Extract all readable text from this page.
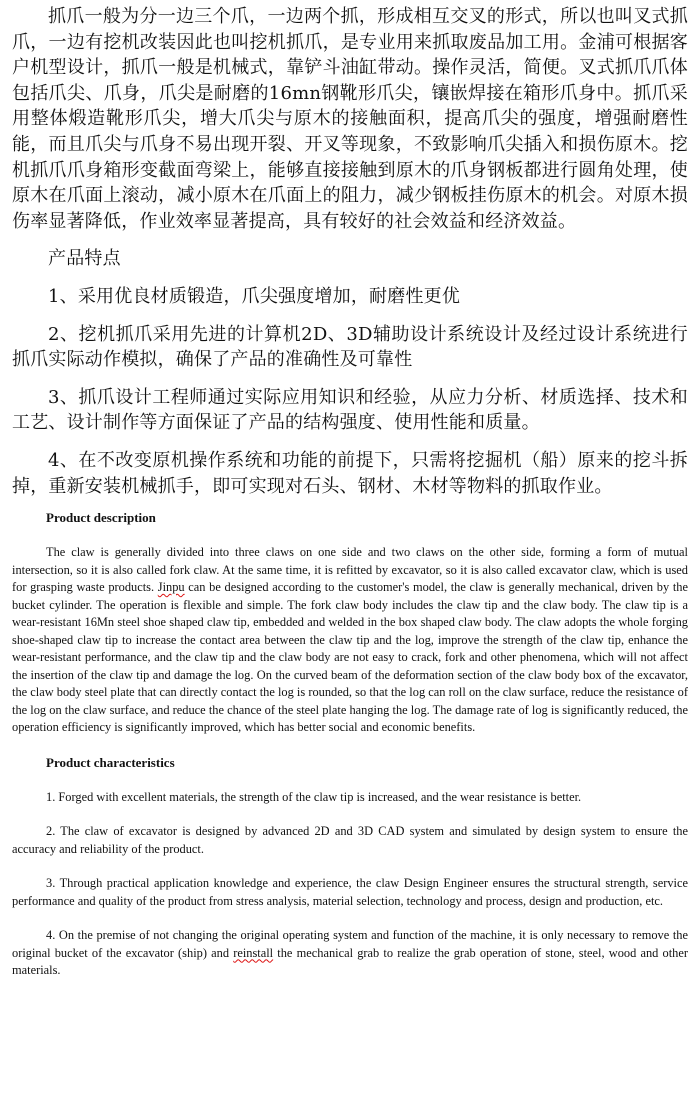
抓爪一般为分一边三个爪，一边两个抓，形成相互交叉的形式，所以也叫叉式抓爪，一边有挖机改装因此也叫挖机抓爪，是专业用来抓取废品加工用。金浦可根据客户机型设计，抓爪一般是机械式，靠铲斗油缸带动。操作灵活，简便。叉式抓爪爪体包括爪尖、爪身，爪尖是耐磨的16mn钢靴形爪尖，镶嵌焊接在箱形爪身中。抓爪采用整体煅造靴形爪尖，增大爪尖与原木的接触面积，提高爪尖的强度，增强耐磨性能，而且爪尖与爪身不易出现开裂、开叉等现象，不致影响爪尖插入和损伤原木。挖机抓爪爪身箱形变截面弯梁上，能够直接接触到原木的爪身钢板都进行圆角处理，使原木在爪面上滚动，减小原木在爪面上的阻力，减少钢板挂伤原木的机会。对原木损伤率显著降低，作业效率显著提高，具有较好的社会效益和经济效益。

产品特点

1、采用优良材质锻造，爪尖强度增加，耐磨性更优

2、挖机抓爪采用先进的计算机2D、3D辅助设计系统设计及经过设计系统进行抓爪实际动作模拟，确保了产品的准确性及可靠性

3、抓爪设计工程师通过实际应用知识和经验，从应力分析、材质选择、技术和工艺、设计制作等方面保证了产品的结构强度、使用性能和质量。

4、在不改变原机操作系统和功能的前提下，只需将挖掘机（船）原来的挖斗拆掉，重新安装机械抓手，即可实现对石头、钢材、木材等物料的抓取作业。

Product description

The claw is generally divided into three claws on one side and two claws on the other side, forming a form of mutual intersection, so it is also called fork claw. At the same time, it is refitted by excavator, so it is also called excavator claw, which is used for grasping waste products. Jinpu can be designed according to the customer's model, the claw is generally mechanical, driven by the bucket cylinder. The operation is flexible and simple. The fork claw body includes the claw tip and the claw body. The claw tip is a wear-resistant 16Mn steel shoe shaped claw tip, embedded and welded in the box shaped claw body. The claw adopts the whole forging shoe-shaped claw tip to increase the contact area between the claw tip and the log, improve the strength of the claw tip, enhance the wear-resistant performance, and the claw tip and the claw body are not easy to crack, fork and other phenomena, which will not affect the insertion of the claw tip and damage the log. On the curved beam of the deformation section of the claw body box of the excavator, the claw body steel plate that can directly contact the log is rounded, so that the log can roll on the claw surface, reduce the resistance of the log on the claw surface, and reduce the chance of the steel plate hanging the log. The damage rate of log is significantly reduced, the operation efficiency is significantly improved, which has better social and economic benefits.

Product characteristics

1. Forged with excellent materials, the strength of the claw tip is increased, and the wear resistance is better.

2. The claw of excavator is designed by advanced 2D and 3D CAD system and simulated by design system to ensure the accuracy and reliability of the product.

3. Through practical application knowledge and experience, the claw Design Engineer ensures the structural strength, service performance and quality of the product from stress analysis, material selection, technology and process, design and production, etc.

4. On the premise of not changing the original operating system and function of the machine, it is only necessary to remove the original bucket of the excavator (ship) and reinstall the mechanical grab to realize the grab operation of stone, steel, wood and other materials.
